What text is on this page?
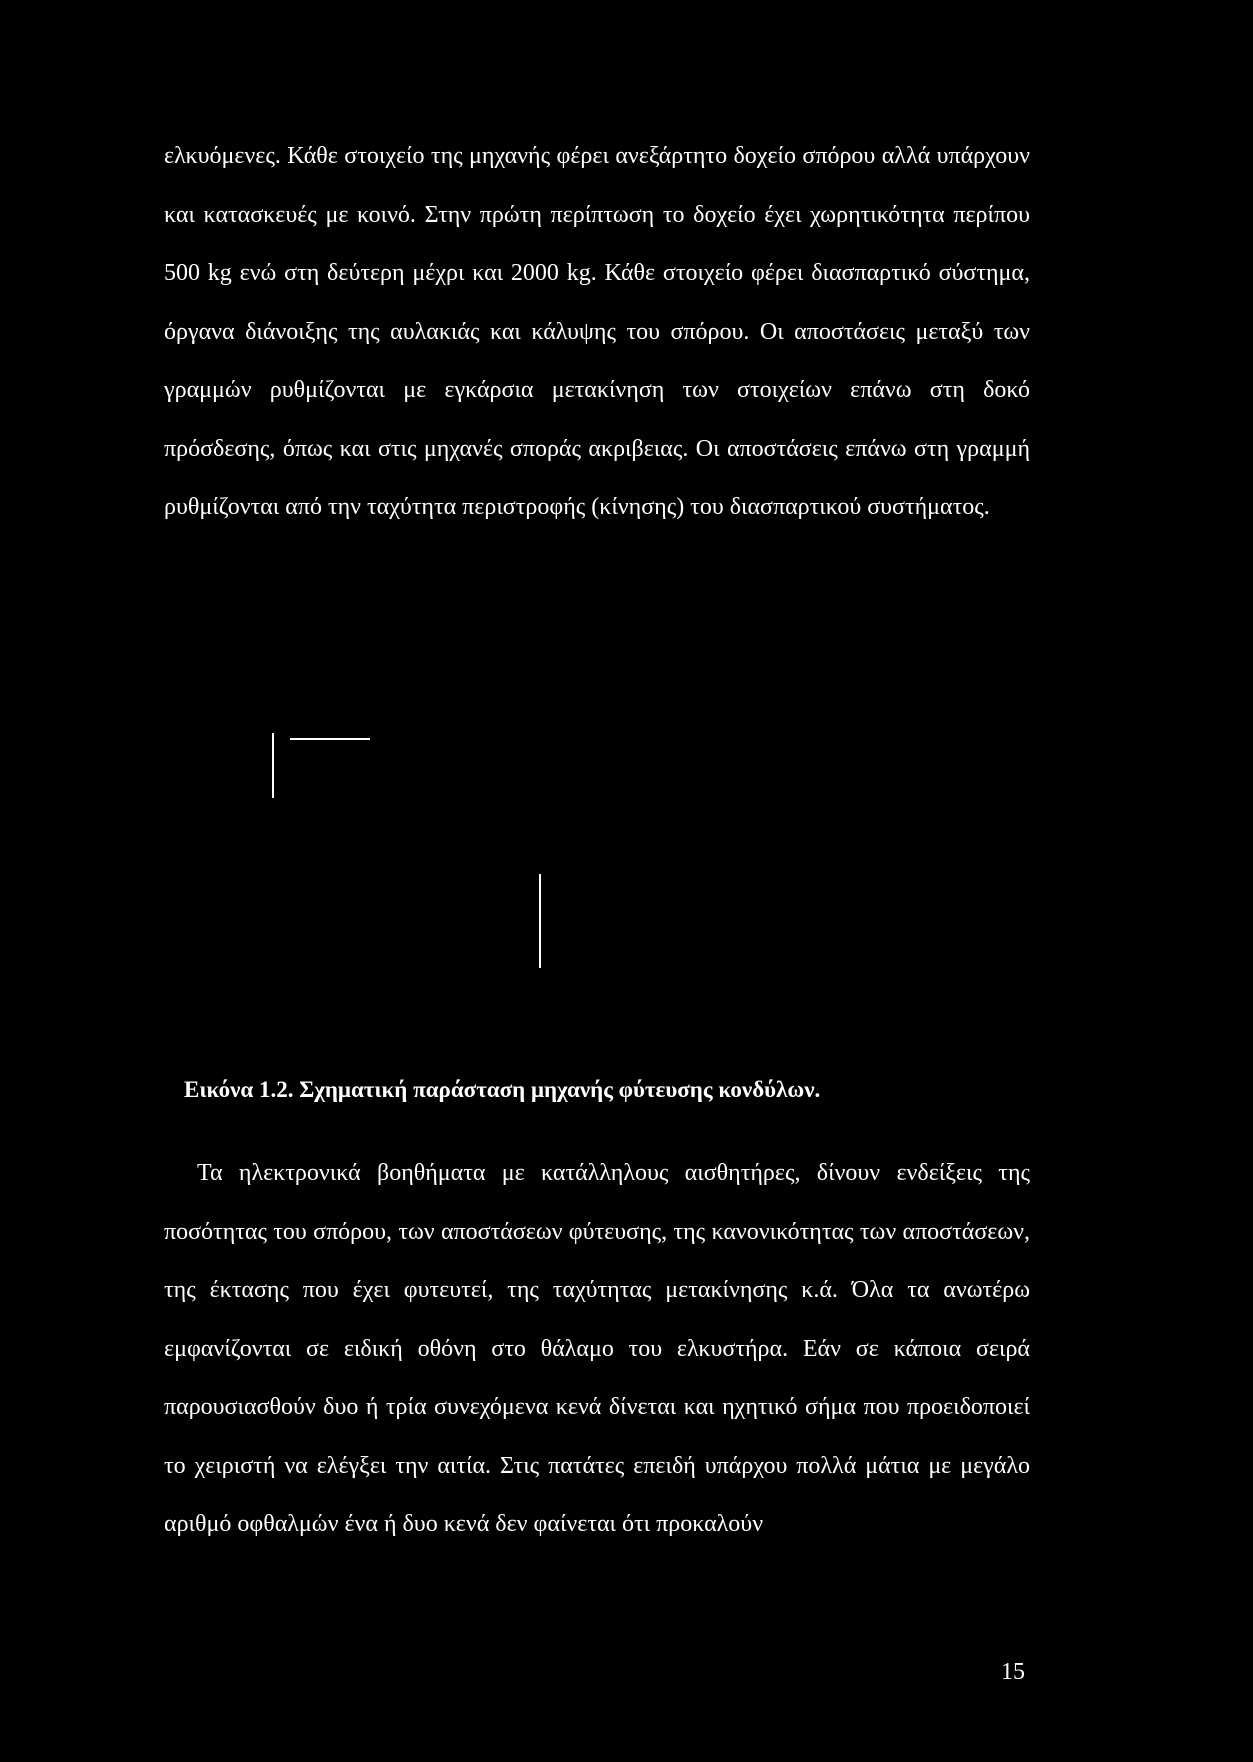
ελκυόμενες. Κάθε στοιχείο της μηχανής φέρει ανεξάρτητο δοχείο σπόρου αλλά υπάρχουν και κατασκευές με κοινό. Στην πρώτη περίπτωση το δοχείο έχει χωρητικότητα περίπου 500 kg ενώ στη δεύτερη μέχρι και 2000 kg. Κάθε στοιχείο φέρει διασπαρτικό σύστημα, όργανα διάνοιξης της αυλακιάς και κάλυψης του σπόρου. Οι αποστάσεις μεταξύ των γραμμών ρυθμίζονται με εγκάρσια μετακίνηση των στοιχείων επάνω στη δοκό πρόσδεσης, όπως και στις μηχανές σποράς ακριβειας. Οι αποστάσεις επάνω στη γραμμή ρυθμίζονται από την ταχύτητα περιστροφής (κίνησης) του διασπαρτικού συστήματος.

Εικόνα 1.2. Σχηματική παράσταση μηχανής φύτευσης κονδύλων.

Τα ηλεκτρονικά βοηθήματα με κατάλληλους αισθητήρες, δίνουν ενδείξεις της ποσότητας του σπόρου, των αποστάσεων φύτευσης, της κανονικότητας των αποστάσεων, της έκτασης που έχει φυτευτεί, της ταχύτητας μετακίνησης κ.ά. Όλα τα ανωτέρω εμφανίζονται σε ειδική οθόνη στο θάλαμο του ελκυστήρα. Εάν σε κάποια σειρά παρουσιασθούν δυο ή τρία συνεχόμενα κενά δίνεται και ηχητικό σήμα που προειδοποιεί το χειριστή να ελέγξει την αιτία. Στις πατάτες επειδή υπάρχου πολλά μάτια με μεγάλο αριθμό οφθαλμών ένα ή δυο κενά δεν φαίνεται ότι προκαλούν

15
